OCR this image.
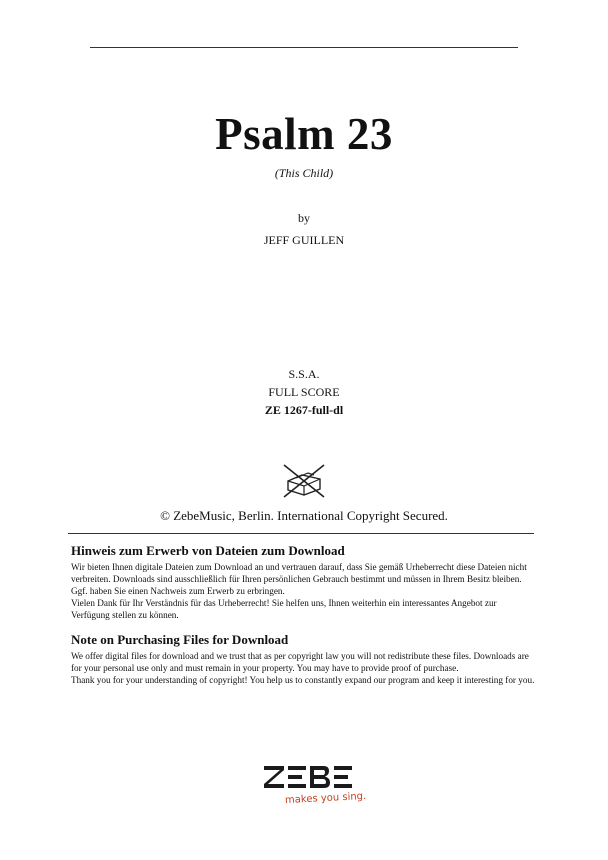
Psalm 23
(This Child)
by
JEFF GUILLEN
S.S.A.
FULL SCORE
ZE 1267-full-dl
© ZebeMusic, Berlin. International Copyright Secured.
Hinweis zum Erwerb von Dateien zum Download

Wir bieten Ihnen digitale Dateien zum Download an und vertrauen darauf, dass Sie gemäß Urheberrecht diese Dateien nicht

verbreiten. Downloads sind ausschließlich für Ihren persönlichen Gebrauch bestimmt und müssen in Ihrem Besitz bleiben.

Ggf. haben Sie einen Nachweis zum Erwerb zu erbringen.

Vielen Dank für Ihr Verständnis für das Urheberrecht! Sie helfen uns, Ihnen weiterhin ein interessantes Angebot zur

Verfügung stellen zu können.

Note on Purchasing Files for Download

We offer digital files for download and we trust that as per copyright law you will not redistribute these files. Downloads are

for your personal use only and must remain in your property. You may have to provide proof of purchase.

Thank you for your understanding of copyright! You help us to constantly expand our program and keep it interesting for you.

makes you sing.
